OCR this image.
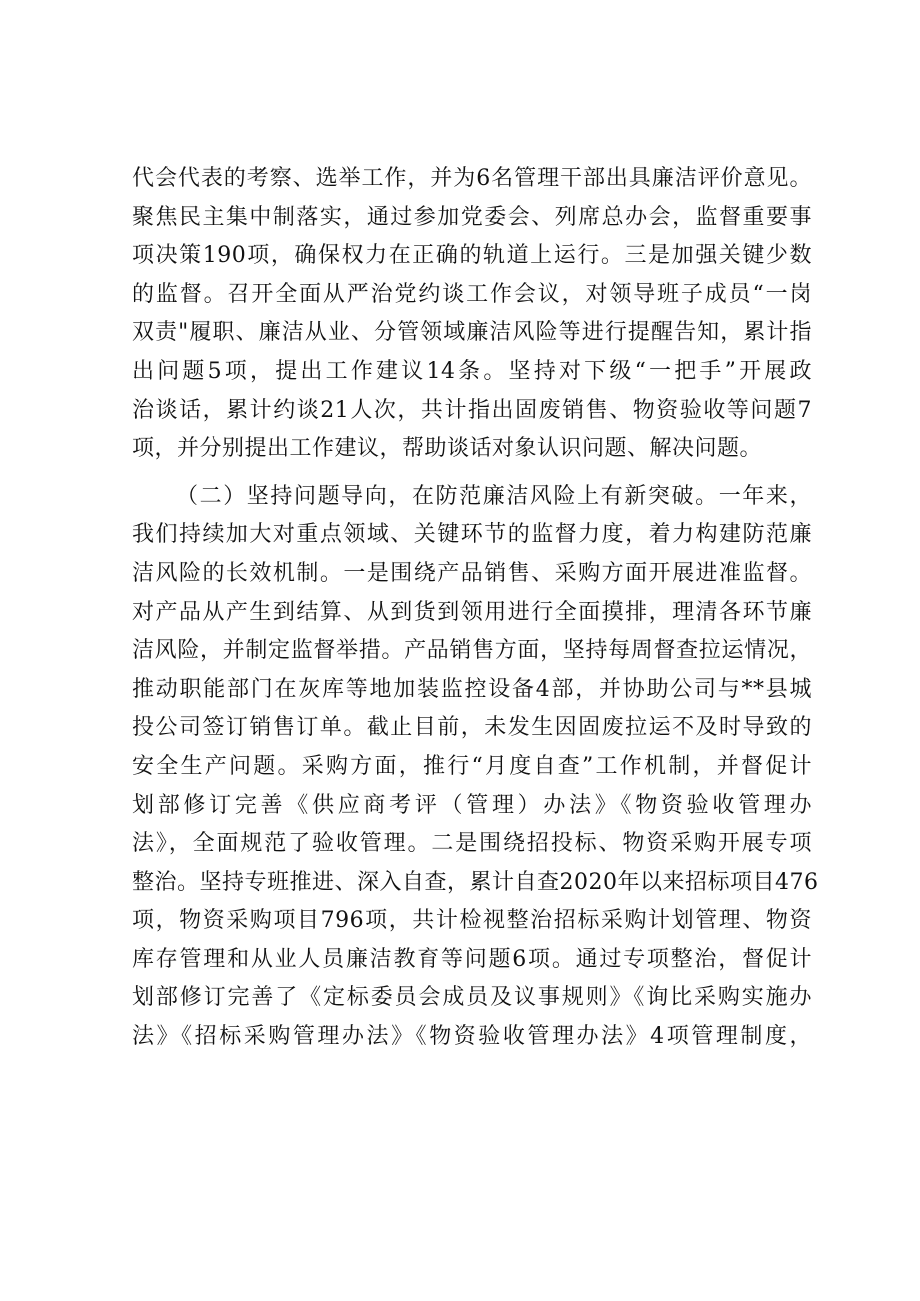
代会代表的考察、选举工作，并为6名管理干部出具廉洁评价意见。
聚焦民主集中制落实，通过参加党委会、列席总办会，监督重要事
项决策190项，确保权力在正确的轨道上运行。三是加强关键少数
的监督。召开全面从严治党约谈工作会议，对领导班子成员“一岗
双责"履职、廉洁从业、分管领域廉洁风险等进行提醒告知，累计指
出问题5项，提出工作建议14条。坚持对下级“一把手”开展政
治谈话，累计约谈21人次，共计指出固废销售、物资验收等问题7
项，并分别提出工作建议，帮助谈话对象认识问题、解决问题。
（二）坚持问题导向，在防范廉洁风险上有新突破。一年来，
我们持续加大对重点领域、关键环节的监督力度，着力构建防范廉
洁风险的长效机制。一是围绕产品销售、采购方面开展进准监督。
对产品从产生到结算、从到货到领用进行全面摸排，理清各环节廉
洁风险，并制定监督举措。产品销售方面，坚持每周督查拉运情况，
推动职能部门在灰库等地加装监控设备4部，并协助公司与**县城
投公司签订销售订单。截止目前，未发生因固废拉运不及时导致的
安全生产问题。采购方面，推行“月度自查”工作机制，并督促计
划部修订完善《供应商考评（管理）办法》《物资验收管理办
法》，全面规范了验收管理。二是围绕招投标、物资采购开展专项
整治。坚持专班推进、深入自查，累计自查2020年以来招标项目476
项，物资采购项目796项，共计检视整治招标采购计划管理、物资
库存管理和从业人员廉洁教育等问题6项。通过专项整治，督促计
划部修订完善了《定标委员会成员及议事规则》《询比采购实施办
法》《招标采购管理办法》《物资验收管理办法》4项管理制度，
